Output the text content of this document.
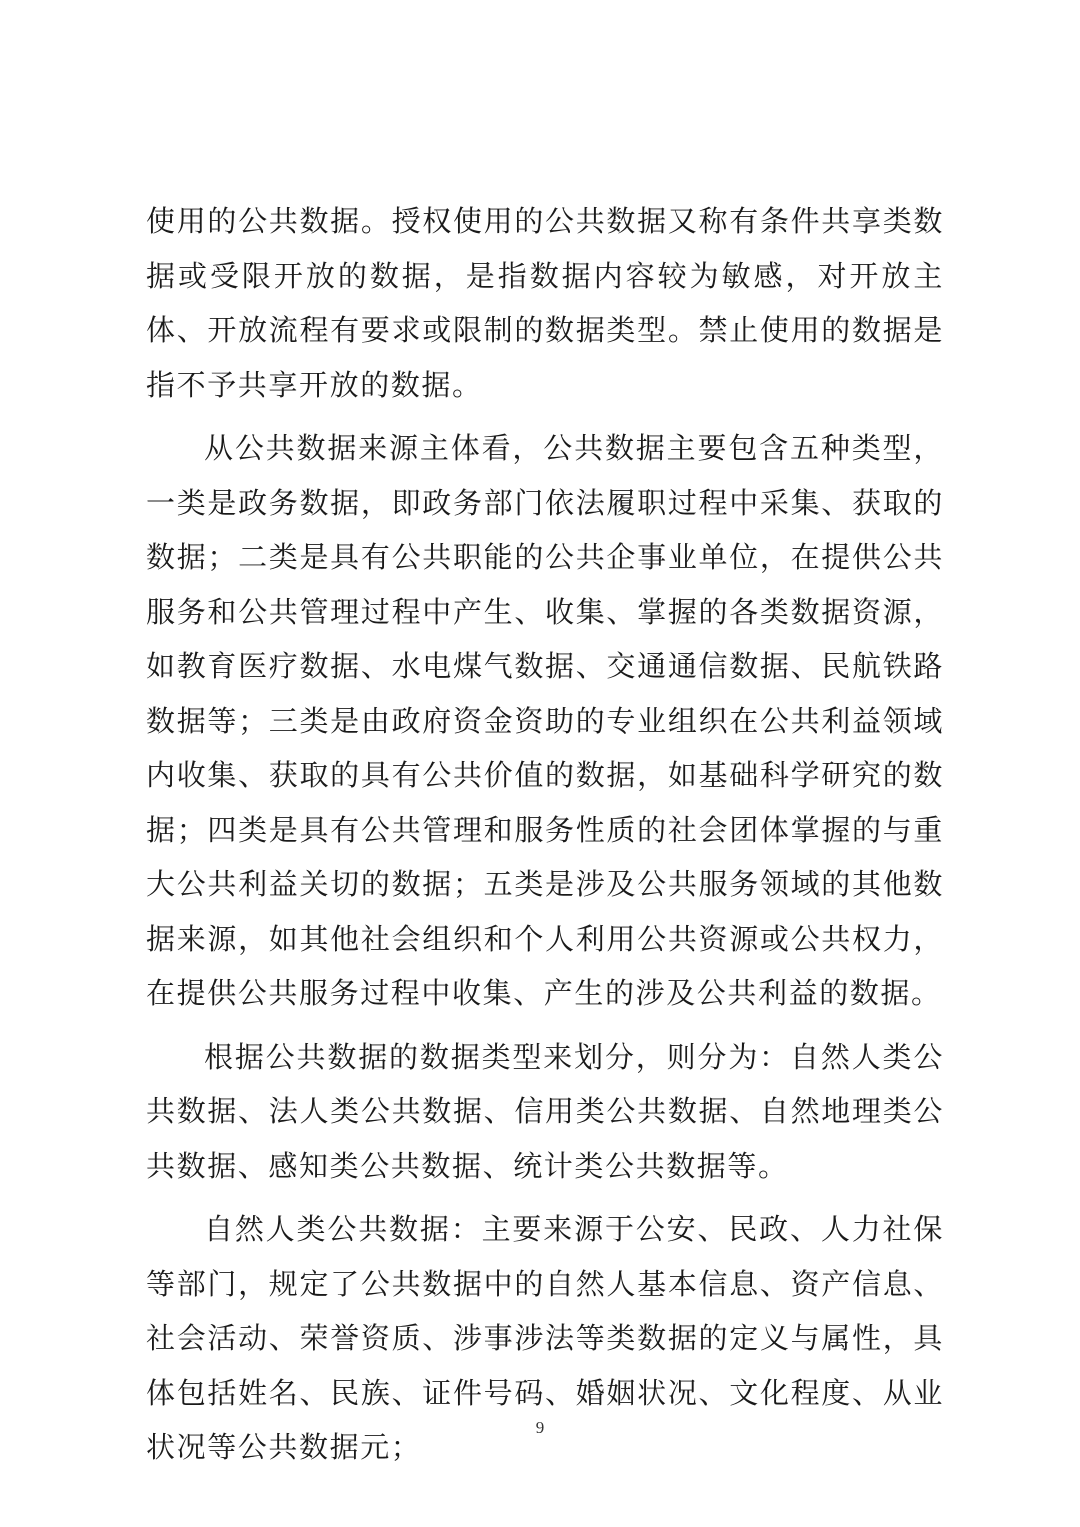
使用的公共数据。授权使用的公共数据又称有条件共享类数据或受限开放的数据，是指数据内容较为敏感，对开放主体、开放流程有要求或限制的数据类型。禁止使用的数据是指不予共享开放的数据。

从公共数据来源主体看，公共数据主要包含五种类型，一类是政务数据，即政务部门依法履职过程中采集、获取的数据；二类是具有公共职能的公共企事业单位，在提供公共服务和公共管理过程中产生、收集、掌握的各类数据资源，如教育医疗数据、水电煤气数据、交通通信数据、民航铁路数据等；三类是由政府资金资助的专业组织在公共利益领域内收集、获取的具有公共价值的数据，如基础科学研究的数据；四类是具有公共管理和服务性质的社会团体掌握的与重大公共利益关切的数据；五类是涉及公共服务领域的其他数据来源，如其他社会组织和个人利用公共资源或公共权力，在提供公共服务过程中收集、产生的涉及公共利益的数据。

根据公共数据的数据类型来划分，则分为：自然人类公共数据、法人类公共数据、信用类公共数据、自然地理类公共数据、感知类公共数据、统计类公共数据等。

自然人类公共数据：主要来源于公安、民政、人力社保等部门，规定了公共数据中的自然人基本信息、资产信息、社会活动、荣誉资质、涉事涉法等类数据的定义与属性，具体包括姓名、民族、证件号码、婚姻状况、文化程度、从业状况等公共数据元；

9
